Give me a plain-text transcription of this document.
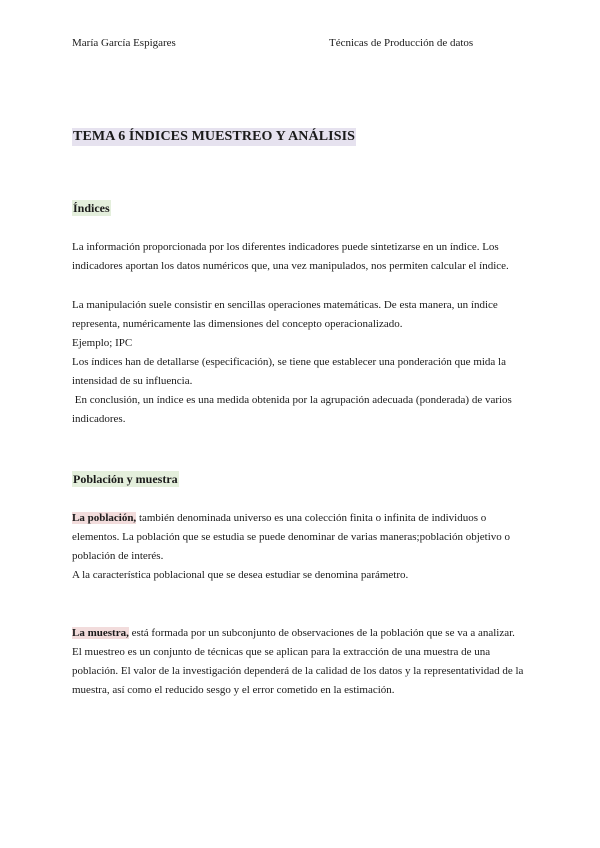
María García Espigares	Técnicas de Producción de datos
TEMA 6 ÍNDICES MUESTREO Y ANÁLISIS
Índices

La información proporcionada por los diferentes indicadores puede sintetizarse en un índice. Los

indicadores aportan los datos numéricos que, una vez manipulados, nos permiten calcular el índice.

La manipulación suele consistir en sencillas operaciones matemáticas. De esta manera, un índice

representa, numéricamente las dimensiones del concepto operacionalizado.

Ejemplo; IPC

Los índices han de detallarse (especificación), se tiene que establecer una ponderación que mida la

intensidad de su influencia.

En conclusión, un índice es una medida obtenida por la agrupación adecuada (ponderada) de varios

indicadores.

Población y muestra

La población, también denominada universo es una colección finita o infinita de individuos o

elementos. La población que se estudia se puede denominar de varias maneras;población objetivo o

población de interés.

A la característica poblacional que se desea estudiar se denomina parámetro.

La muestra, está formada por un subconjunto de observaciones de la población que se va a analizar.

El muestreo es un conjunto de técnicas que se aplican para la extracción de una muestra de una

población. El valor de la investigación dependerá de la calidad de los datos y la representatividad de la

muestra, así como el reducido sesgo y el error cometido en la estimación.
